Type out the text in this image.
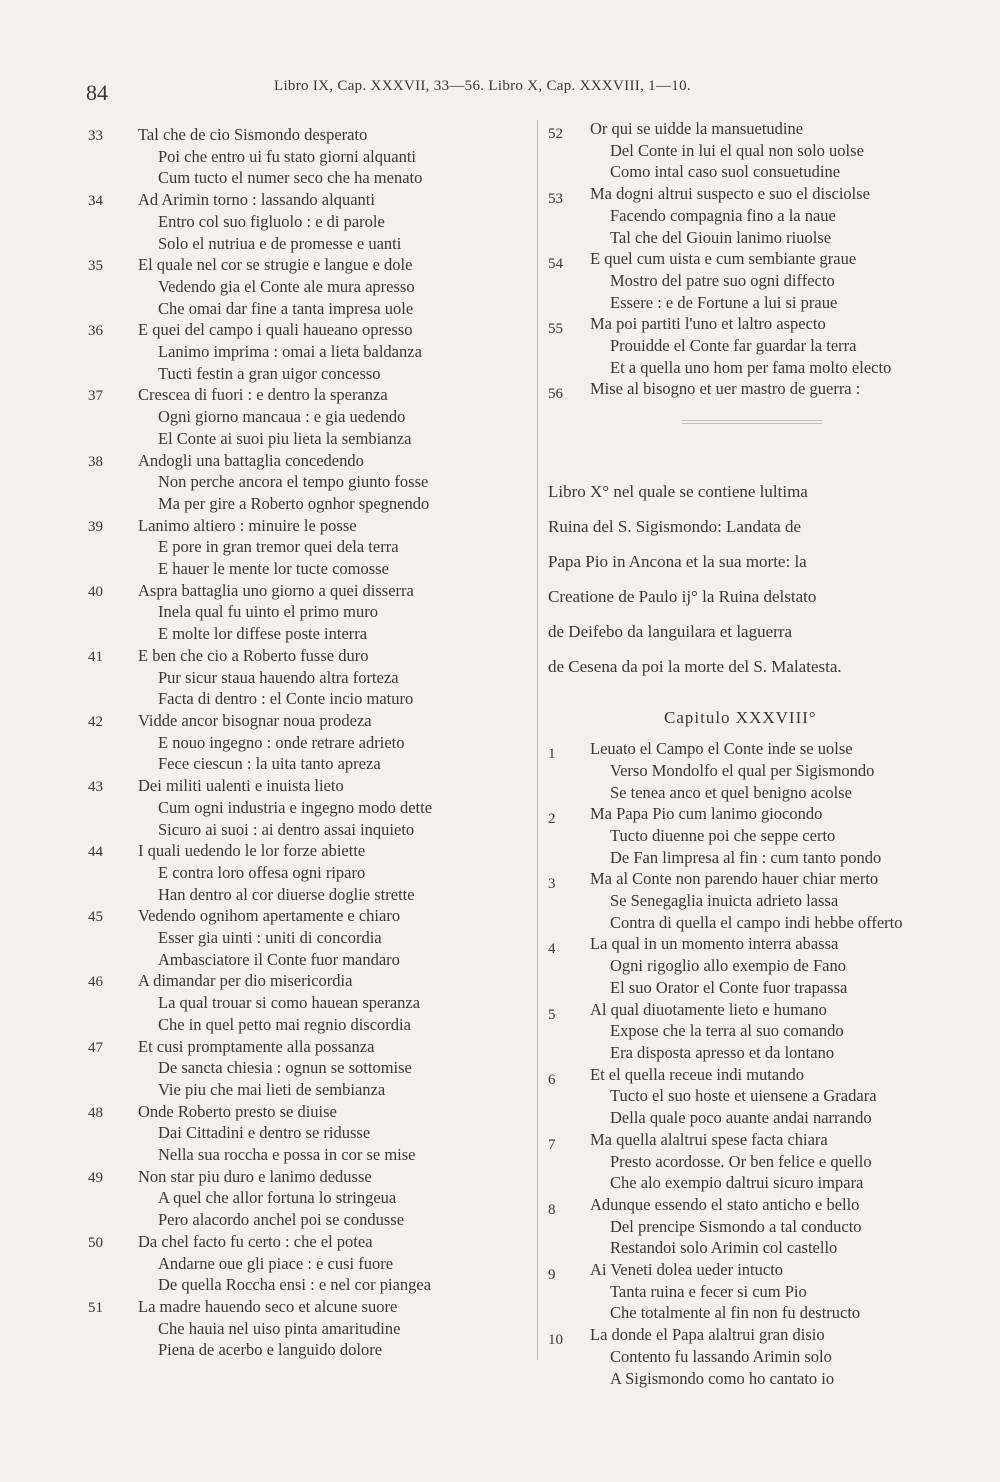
84	Libro IX, Cap. XXXVII, 33—56. Libro X, Cap. XXXVIII, 1—10.
33 Tal che de cio Sismondo desperato
Poi che entro ui fu stato giorni alquanti
Cum tucto el numer seco che ha menato
34 Ad Arimin torno : lassando alquanti
Entro col suo figluolo : e di parole
Solo el nutriua e de promesse e uanti
35 El quale nel cor se strugie e langue e dole
Vedendo gia el Conte ale mura apresso
Che omai dar fine a tanta impresa uole
36 E quei del campo i quali haueano opresso
Lanimo imprima : omai a lieta baldanza
Tucti festin a gran uigor concesso
37 Crescea di fuori : e dentro la speranza
Ogni giorno mancaua : e gia uedendo
El Conte ai suoi piu lieta la sembianza
38 Andogli una battaglia concedendo
Non perche ancora el tempo giunto fosse
Ma per gire a Roberto ognhor spegnendo
39 Lanimo altiero : minuire le posse
E pore in gran tremor quei dela terra
E hauer le mente lor tucte comosse
40 Aspra battaglia uno giorno a quei disserra
Inela qual fu uinto el primo muro
E molte lor diffese poste interra
41 E ben che cio a Roberto fusse duro
Pur sicur staua hauendo altra forteza
Facta di dentro : el Conte incio maturo
42 Vidde ancor bisognar noua prodeza
E nouo ingegno : onde retrare adrieto
Fece ciescun : la uita tanto apreza
43 Dei militi ualenti e inuista lieto
Cum ogni industria e ingegno modo dette
Sicuro ai suoi : ai dentro assai inquieto
44 I quali uedendo le lor forze abiette
E contra loro offesa ogni riparo
Han dentro al cor diuerse doglie strette
45 Vedendo ognihom apertamente e chiaro
Esser gia uinti : uniti di concordia
Ambasciatore il Conte fuor mandaro
46 A dimandar per dio misericordia
La qual trouar si como hauean speranza
Che in quel petto mai regnio discordia
47 Et cusi promptamente alla possanza
De sancta chiesia : ognun se sottomise
Vie piu che mai lieti de sembianza
48 Onde Roberto presto se diuise
Dai Cittadini e dentro se ridusse
Nella sua roccha e possa in cor se mise
49 Non star piu duro e lanimo dedusse
A quel che allor fortuna lo stringeua
Pero alacordo anchel poi se condusse
50 Da chel facto fu certo : che el potea
Andarne oue gli piace : e cusi fuore
De quella Roccha ensi : e nel cor piangea
51 La madre hauendo seco et alcune suore
Che hauia nel uiso pinta amaritudine
Piena de acerbo e languido dolore
52 Or qui se uidde la mansuetudine
Del Conte in lui el qual non solo uolse
Como intal caso suol consuetudine
53 Ma dogni altrui suspecto e suo el disciolse
Facendo compagnia fino a la naue
Tal che del Giouin lanimo riuolse
54 E quel cum uista e cum sembiante graue
Mostro del patre suo ogni diffecto
Essere : e de Fortune a lui si praue
55 Ma poi partiti l'uno et laltro aspecto
Prouidde el Conte far guardar la terra
Et a quella uno hom per fama molto electo
56 Mise al bisogno et uer mastro de guerra :
Libro X° nel quale se contiene lultima
Ruina del S. Sigismondo: Landata de
Papa Pio in Ancona et la sua morte: la
Creatione de Paulo ij° la Ruina delstato
de Deifebo da languilara et laguerra
de Cesena da poi la morte del S. Malatesta.
Capitulo XXXVIII°
1 Leuato el Campo el Conte inde se uolse
Verso Mondolfo el qual per Sigismondo
Se tenea anco et quel benigno acolse
2 Ma Papa Pio cum lanimo giocondo
Tucto diuenne poi che seppe certo
De Fan limpresa al fin : cum tanto pondo
3 Ma al Conte non parendo hauer chiar merto
Se Senegaglia inuicta adrieto lassa
Contra di quella el campo indi hebbe offerto
4 La qual in un momento interra abassa
Ogni rigoglio allo exempio de Fano
El suo Orator el Conte fuor trapassa
5 Al qual diuotamente lieto e humano
Expose che la terra al suo comando
Era disposta apresso et da lontano
6 Et el quella receue indi mutando
Tucto el suo hoste et uiensene a Gradara
Della quale poco auante andai narrando
7 Ma quella alaltrui spese facta chiara
Presto acordosse. Or ben felice e quello
Che alo exempio daltrui sicuro impara
8 Adunque essendo el stato anticho e bello
Del prencipe Sismondo a tal conducto
Restandoi solo Arimin col castello
9 Ai Veneti dolea ueder intucto
Tanta ruina e fecer si cum Pio
Che totalmente al fin non fu destructo
10 La donde el Papa alaltrui gran disio
Contento fu lassando Arimin solo
A Sigismondo como ho cantato io
